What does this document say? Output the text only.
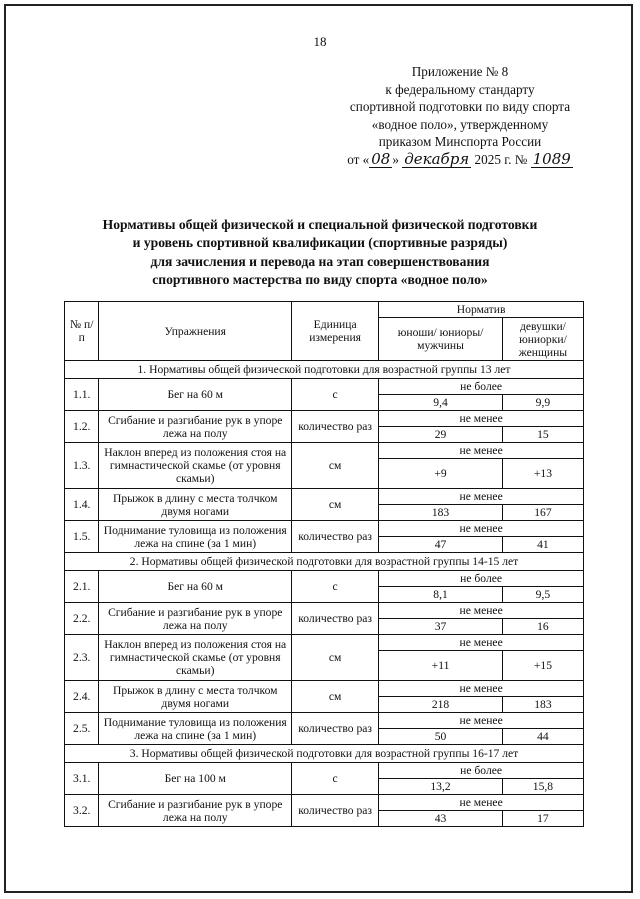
18
Приложение № 8
к федеральному стандарту
спортивной подготовки по виду спорта
«водное поло», утвержденному
приказом Минспорта России
от « 08 » декабря 2025 г. № 1089
Нормативы общей физической и специальной физической подготовки
и уровень спортивной квалификации (спортивные разряды)
для зачисления и перевода на этап совершенствования
спортивного мастерства по виду спорта «водное поло»
№ п/п	Упражнения	Единица измерения	Норматив	
			юноши/ юниоры/ мужчины	девушки/ юниорки/ женщины
1. Нормативы общей физической подготовки для возрастной группы 13 лет				
1.1.	Бег на 60 м	с	не более	
			9,4	9,9
1.2.	Сгибание и разгибание рук в упоре лежа на полу	количество раз	не менее	
			29	15
1.3.	Наклон вперед из положения стоя на гимнастической скамье (от уровня скамьи)	см	не менее	
			+9	+13
1.4.	Прыжок в длину с места толчком двумя ногами	см	не менее	
			183	167
1.5.	Поднимание туловища из положения лежа на спине (за 1 мин)	количество раз	не менее	
			47	41
2. Нормативы общей физической подготовки для возрастной группы 14-15 лет				
2.1.	Бег на 60 м	с	не более	
			8,1	9,5
2.2.	Сгибание и разгибание рук в упоре лежа на полу	количество раз	не менее	
			37	16
2.3.	Наклон вперед из положения стоя на гимнастической скамье (от уровня скамьи)	см	не менее	
			+11	+15
2.4.	Прыжок в длину с места толчком двумя ногами	см	не менее	
			218	183
2.5.	Поднимание туловища из положения лежа на спине (за 1 мин)	количество раз	не менее	
			50	44
3. Нормативы общей физической подготовки для возрастной группы 16-17 лет				
3.1.	Бег на 100 м	с	не более	
			13,2	15,8
3.2.	Сгибание и разгибание рук в упоре лежа на полу	количество раз	не менее	
			43	17
